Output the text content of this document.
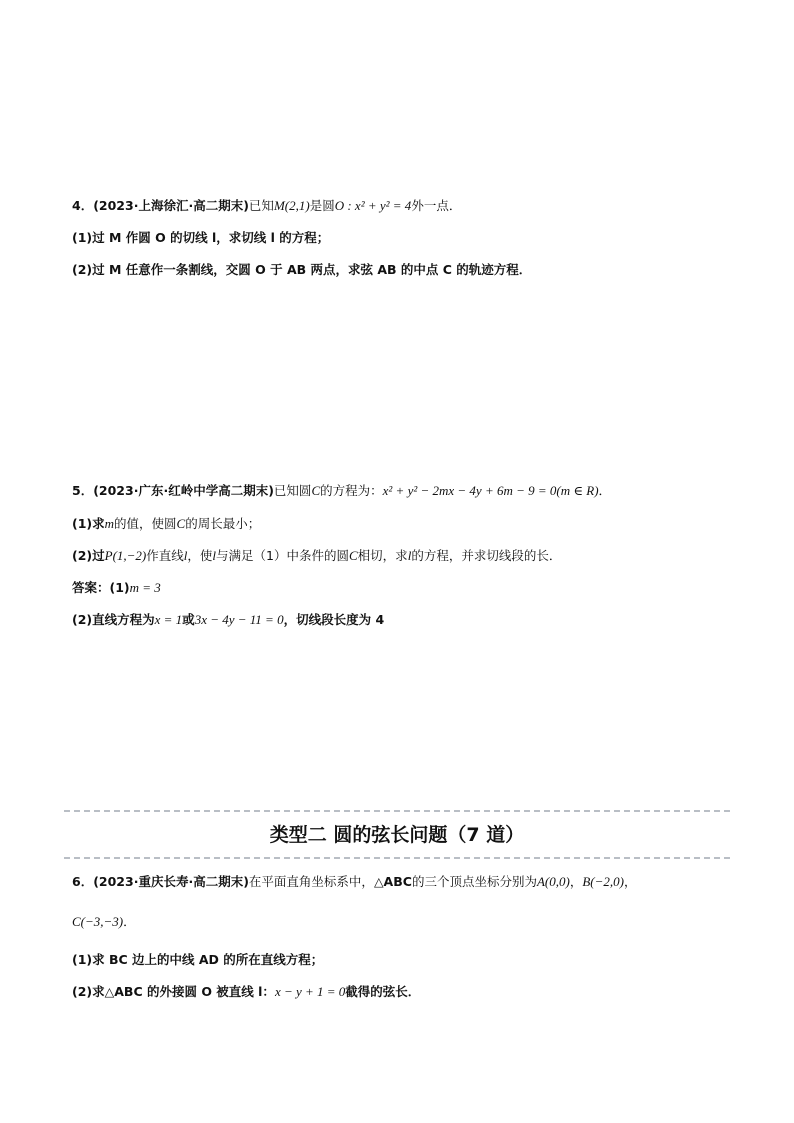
4．(2023·上海徐汇·高二期末)已知M(2,1)是圆O : x² + y² = 4外一点．
(1)过 M 作圆 O 的切线 l，求切线 l 的方程；
(2)过 M 任意作一条割线，交圆 O 于 AB 两点，求弦 AB 的中点 C 的轨迹方程．
5．(2023·广东·红岭中学高二期末)已知圆C的方程为：x² + y² − 2mx − 4y + 6m − 9 = 0(m ∈ R)．
(1)求m的值，使圆C的周长最小；
(2)过P(1,−2)作直线l，使l与满足（1）中条件的圆C相切，求l的方程，并求切线段的长．
答案：(1)m = 3
(2)直线方程为x = 1或3x − 4y − 11 = 0，切线段长度为 4
类型二 圆的弦长问题（7 道）
6．(2023·重庆长寿·高二期末)在平面直角坐标系中，△ABC的三个顶点坐标分别为A(0,0)，B(−2,0)，
C(−3,−3)．
(1)求 BC 边上的中线 AD 的所在直线方程；
(2)求△ABC 的外接圆 O 被直线 l：x − y + 1 = 0截得的弦长．
